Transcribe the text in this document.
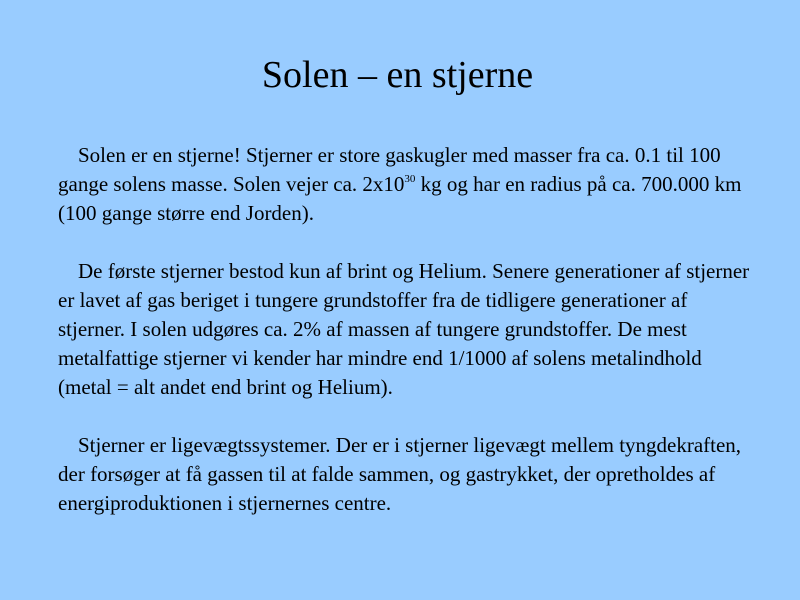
Solen – en stjerne

Solen er en stjerne! Stjerner er store gaskugler med masser fra ca. 0.1 til 100 gange solens masse. Solen vejer ca. $2x10^{30}$ kg og har en radius på ca. 700.000 km (100 gange større end Jorden).

De første stjerner bestod kun af brint og Helium. Senere generationer af stjerner er lavet af gas beriget i tungere grundstoffer fra de tidligere generationer af stjerner. I solen udgøres ca. 2% af massen af tungere grundstoffer. De mest metalfattige stjerner vi kender har mindre end 1/1000 af solens metalindhold (metal = alt andet end brint og Helium).

Stjerner er ligevægtssystemer. Der er i stjerner ligevægt mellem tyngdekraften, der forsøger at få gassen til at falde sammen, og gastrykket, der opretholdes af energiproduktionen i stjernernes centre.
